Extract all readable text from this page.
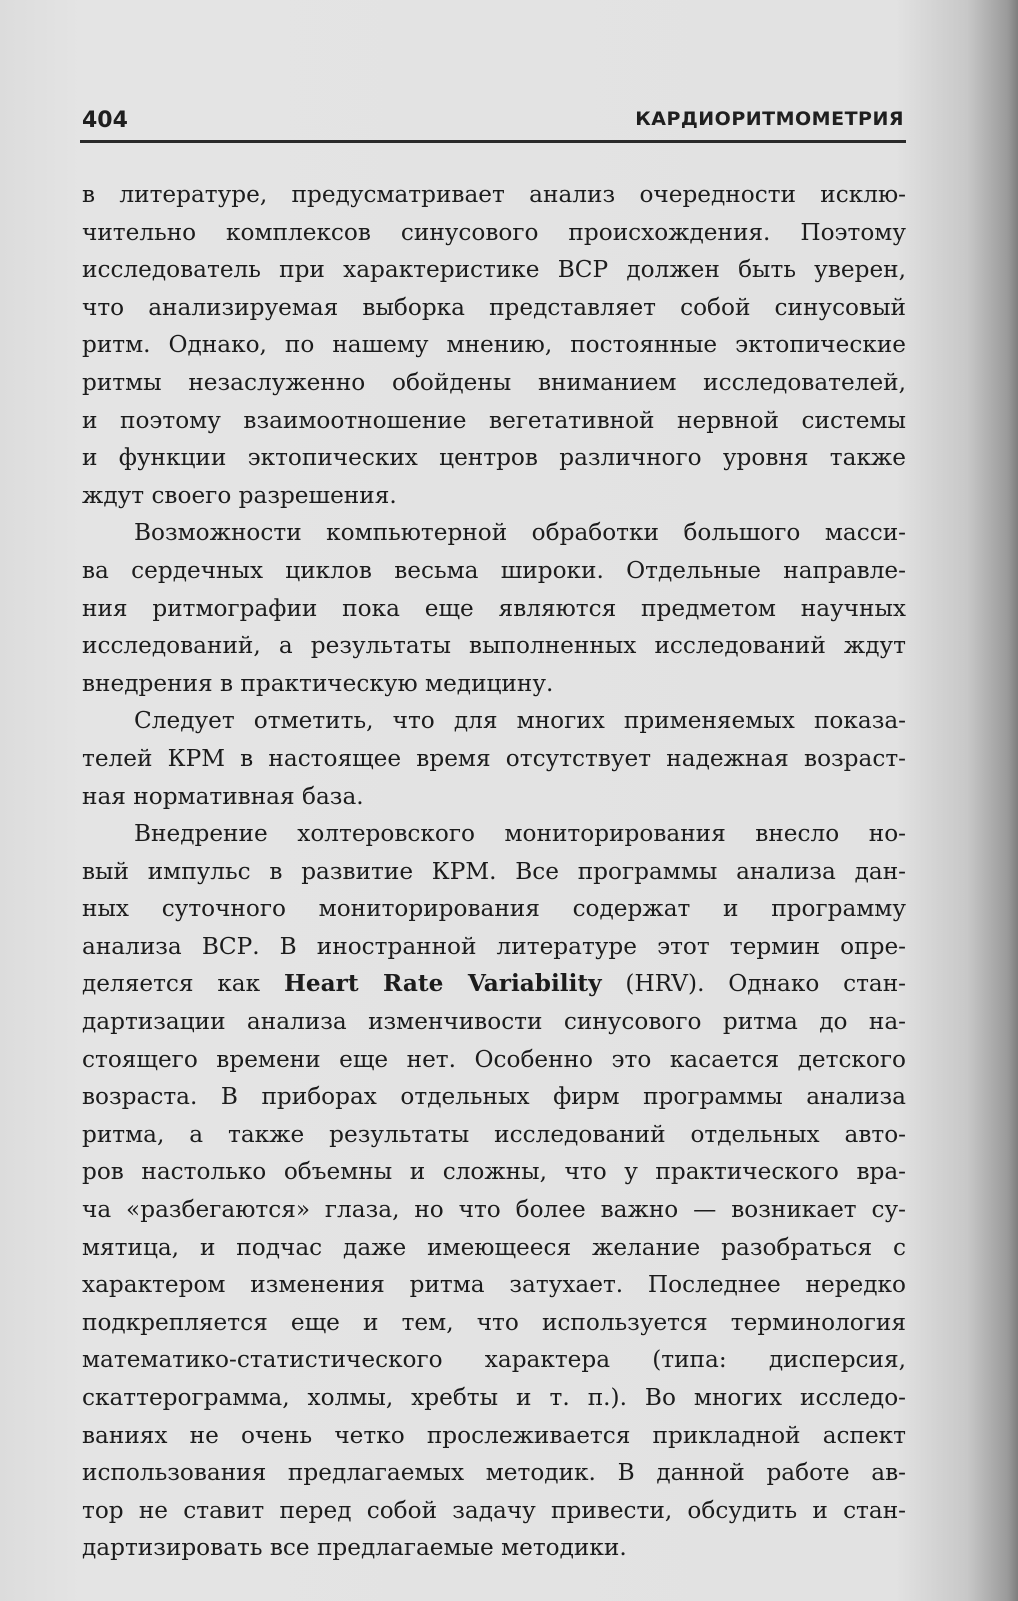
404	КАРДИОРИТМОМЕТРИЯ

в литературе, предусматривает анализ очередности исклю-

чительно комплексов синусового происхождения. Поэтому

исследователь при характеристике ВСР должен быть уверен,

что анализируемая выборка представляет собой синусовый

ритм. Однако, по нашему мнению, постоянные эктопические

ритмы незаслуженно обойдены вниманием исследователей,

и поэтому взаимоотношение вегетативной нервной системы

и функции эктопических центров различного уровня также

ждут своего разрешения.

Возможности компьютерной обработки большого масси-

ва сердечных циклов весьма широки. Отдельные направле-

ния ритмографии пока еще являются предметом научных

исследований, а результаты выполненных исследований ждут

внедрения в практическую медицину.

Следует отметить, что для многих применяемых показа-

телей КРМ в настоящее время отсутствует надежная возраст-

ная нормативная база.

Внедрение холтеровского мониторирования внесло но-

вый импульс в развитие КРМ. Все программы анализа дан-

ных суточного мониторирования содержат и программу

анализа ВСР. В иностранной литературе этот термин опре-

деляется как Heart Rate Variability (HRV). Однако стан-

дартизации анализа изменчивости синусового ритма до на-

стоящего времени еще нет. Особенно это касается детского

возраста. В приборах отдельных фирм программы анализа

ритма, а также результаты исследований отдельных авто-

ров настолько объемны и сложны, что у практического вра-

ча «разбегаются» глаза, но что более важно — возникает су-

мятица, и подчас даже имеющееся желание разобраться с

характером изменения ритма затухает. Последнее нередко

подкрепляется еще и тем, что используется терминология

математико-статистического характера (типа: дисперсия,

скаттерограмма, холмы, хребты и т. п.). Во многих исследо-

ваниях не очень четко прослеживается прикладной аспект

использования предлагаемых методик. В данной работе ав-

тор не ставит перед собой задачу привести, обсудить и стан-

дартизировать все предлагаемые методики.
